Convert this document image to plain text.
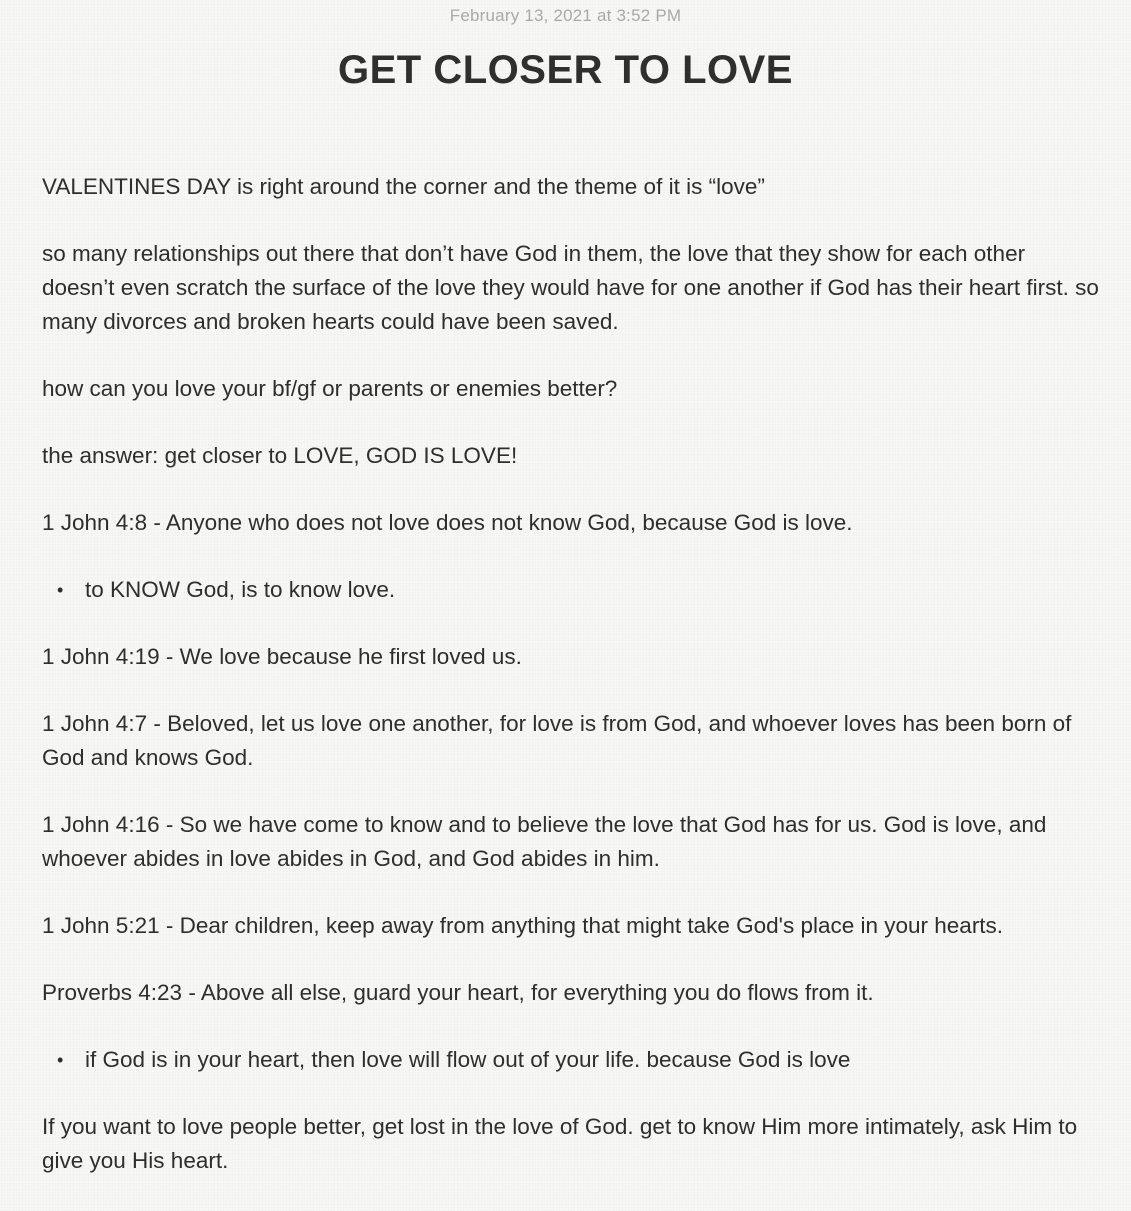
February 13, 2021 at 3:52 PM
GET CLOSER TO LOVE

VALENTINES DAY is right around the corner and the theme of it is “love”

so many relationships out there that don’t have God in them, the love that they show for each other doesn’t even scratch the surface of the love they would have for one another if God has their heart first. so many divorces and broken hearts could have been saved.

how can you love your bf/gf or parents or enemies better?

the answer: get closer to LOVE, GOD IS LOVE!

1 John 4:8 - Anyone who does not love does not know God, because God is love.

• to KNOW God, is to know love.

1 John 4:19 - We love because he first loved us.

1 John 4:7 - Beloved, let us love one another, for love is from God, and whoever loves has been born of God and knows God.

1 John 4:16 - So we have come to know and to believe the love that God has for us. God is love, and whoever abides in love abides in God, and God abides in him.

1 John 5:21 - Dear children, keep away from anything that might take God's place in your hearts.

Proverbs 4:23 - Above all else, guard your heart, for everything you do flows from it.

• if God is in your heart, then love will flow out of your life. because God is love

If you want to love people better, get lost in the love of God. get to know Him more intimately, ask Him to give you His heart.
